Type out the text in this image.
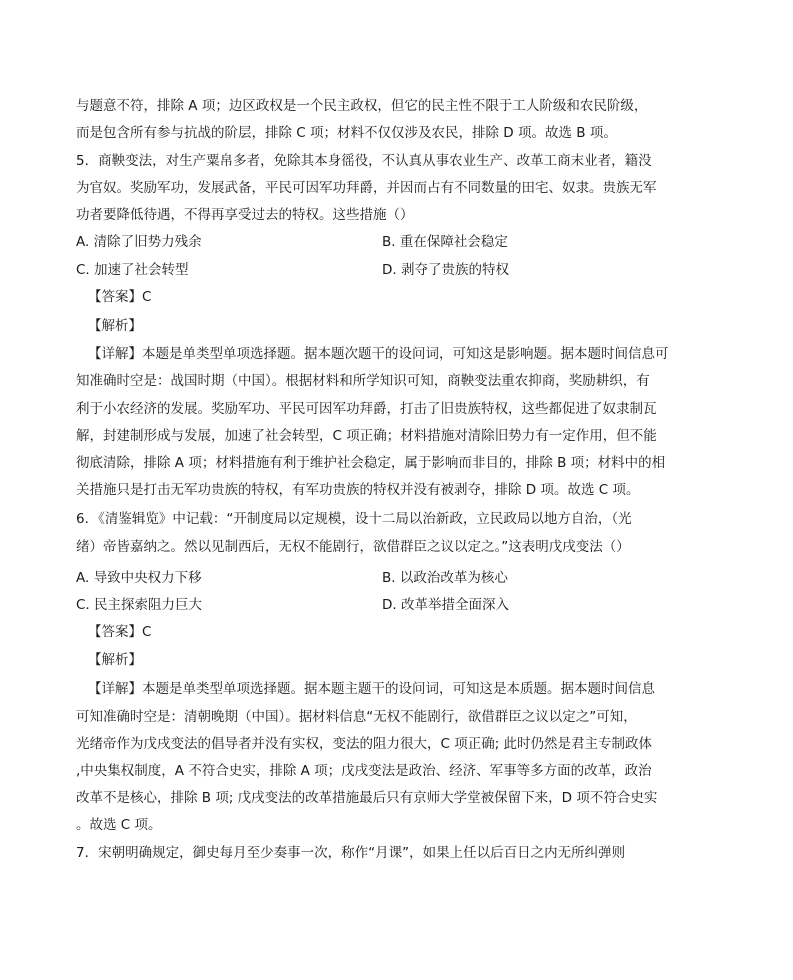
与题意不符，排除 A 项；边区政权是一个民主政权，但它的民主性不限于工人阶级和农民阶级，
而是包含所有参与抗战的阶层，排除 C 项；材料不仅仅涉及农民，排除 D 项。故选 B 项。
5．商鞅变法，对生产粟帛多者，免除其本身徭役，不认真从事农业生产、改革工商末业者，籍没
为官奴。奖励军功，发展武备，平民可因军功拜爵，并因而占有不同数量的田宅、奴隶。贵族无军
功者要降低待遇，不得再享受过去的特权。这些措施（）
A. 清除了旧势力残余	B. 重在保障社会稳定
C. 加速了社会转型	D. 剥夺了贵族的特权
【答案】C
【解析】
【详解】本题是单类型单项选择题。据本题次题干的设问词，可知这是影响题。据本题时间信息可
知准确时空是：战国时期（中国）。根据材料和所学知识可知，商鞅变法重农抑商，奖励耕织，有
利于小农经济的发展。奖励军功、平民可因军功拜爵，打击了旧贵族特权，这些都促进了奴隶制瓦
解，封建制形成与发展，加速了社会转型，C 项正确；材料措施对清除旧势力有一定作用，但不能
彻底清除，排除 A 项；材料措施有利于维护社会稳定，属于影响而非目的，排除 B 项；材料中的相
关措施只是打击无军功贵族的特权，有军功贵族的特权并没有被剥夺，排除 D 项。故选 C 项。
6．《清鉴辑览》中记载：“开制度局以定规模，设十二局以治新政，立民政局以地方自治，（光
绪）帝皆嘉纳之。然以见制西后，无权不能剧行，欲借群臣之议以定之。”这表明戊戌变法（）
A. 导致中央权力下移	B. 以政治改革为核心
C. 民主探索阻力巨大	D. 改革举措全面深入
【答案】C
【解析】
【详解】本题是单类型单项选择题。据本题主题干的设问词，可知这是本质题。据本题时间信息
可知准确时空是：清朝晚期（中国）。据材料信息“无权不能剧行，欲借群臣之议以定之”可知，
光绪帝作为戊戌变法的倡导者并没有实权，变法的阻力很大，C 项正确; 此时仍然是君主专制政体
,中央集权制度，A 不符合史实，排除 A 项；戊戌变法是政治、经济、军事等多方面的改革，政治
改革不是核心，排除 B 项; 戊戌变法的改革措施最后只有京师大学堂被保留下来，D 项不符合史实
。故选 C 项。
7．宋朝明确规定，御史每月至少奏事一次，称作“月课”，如果上任以后百日之内无所纠弹则
